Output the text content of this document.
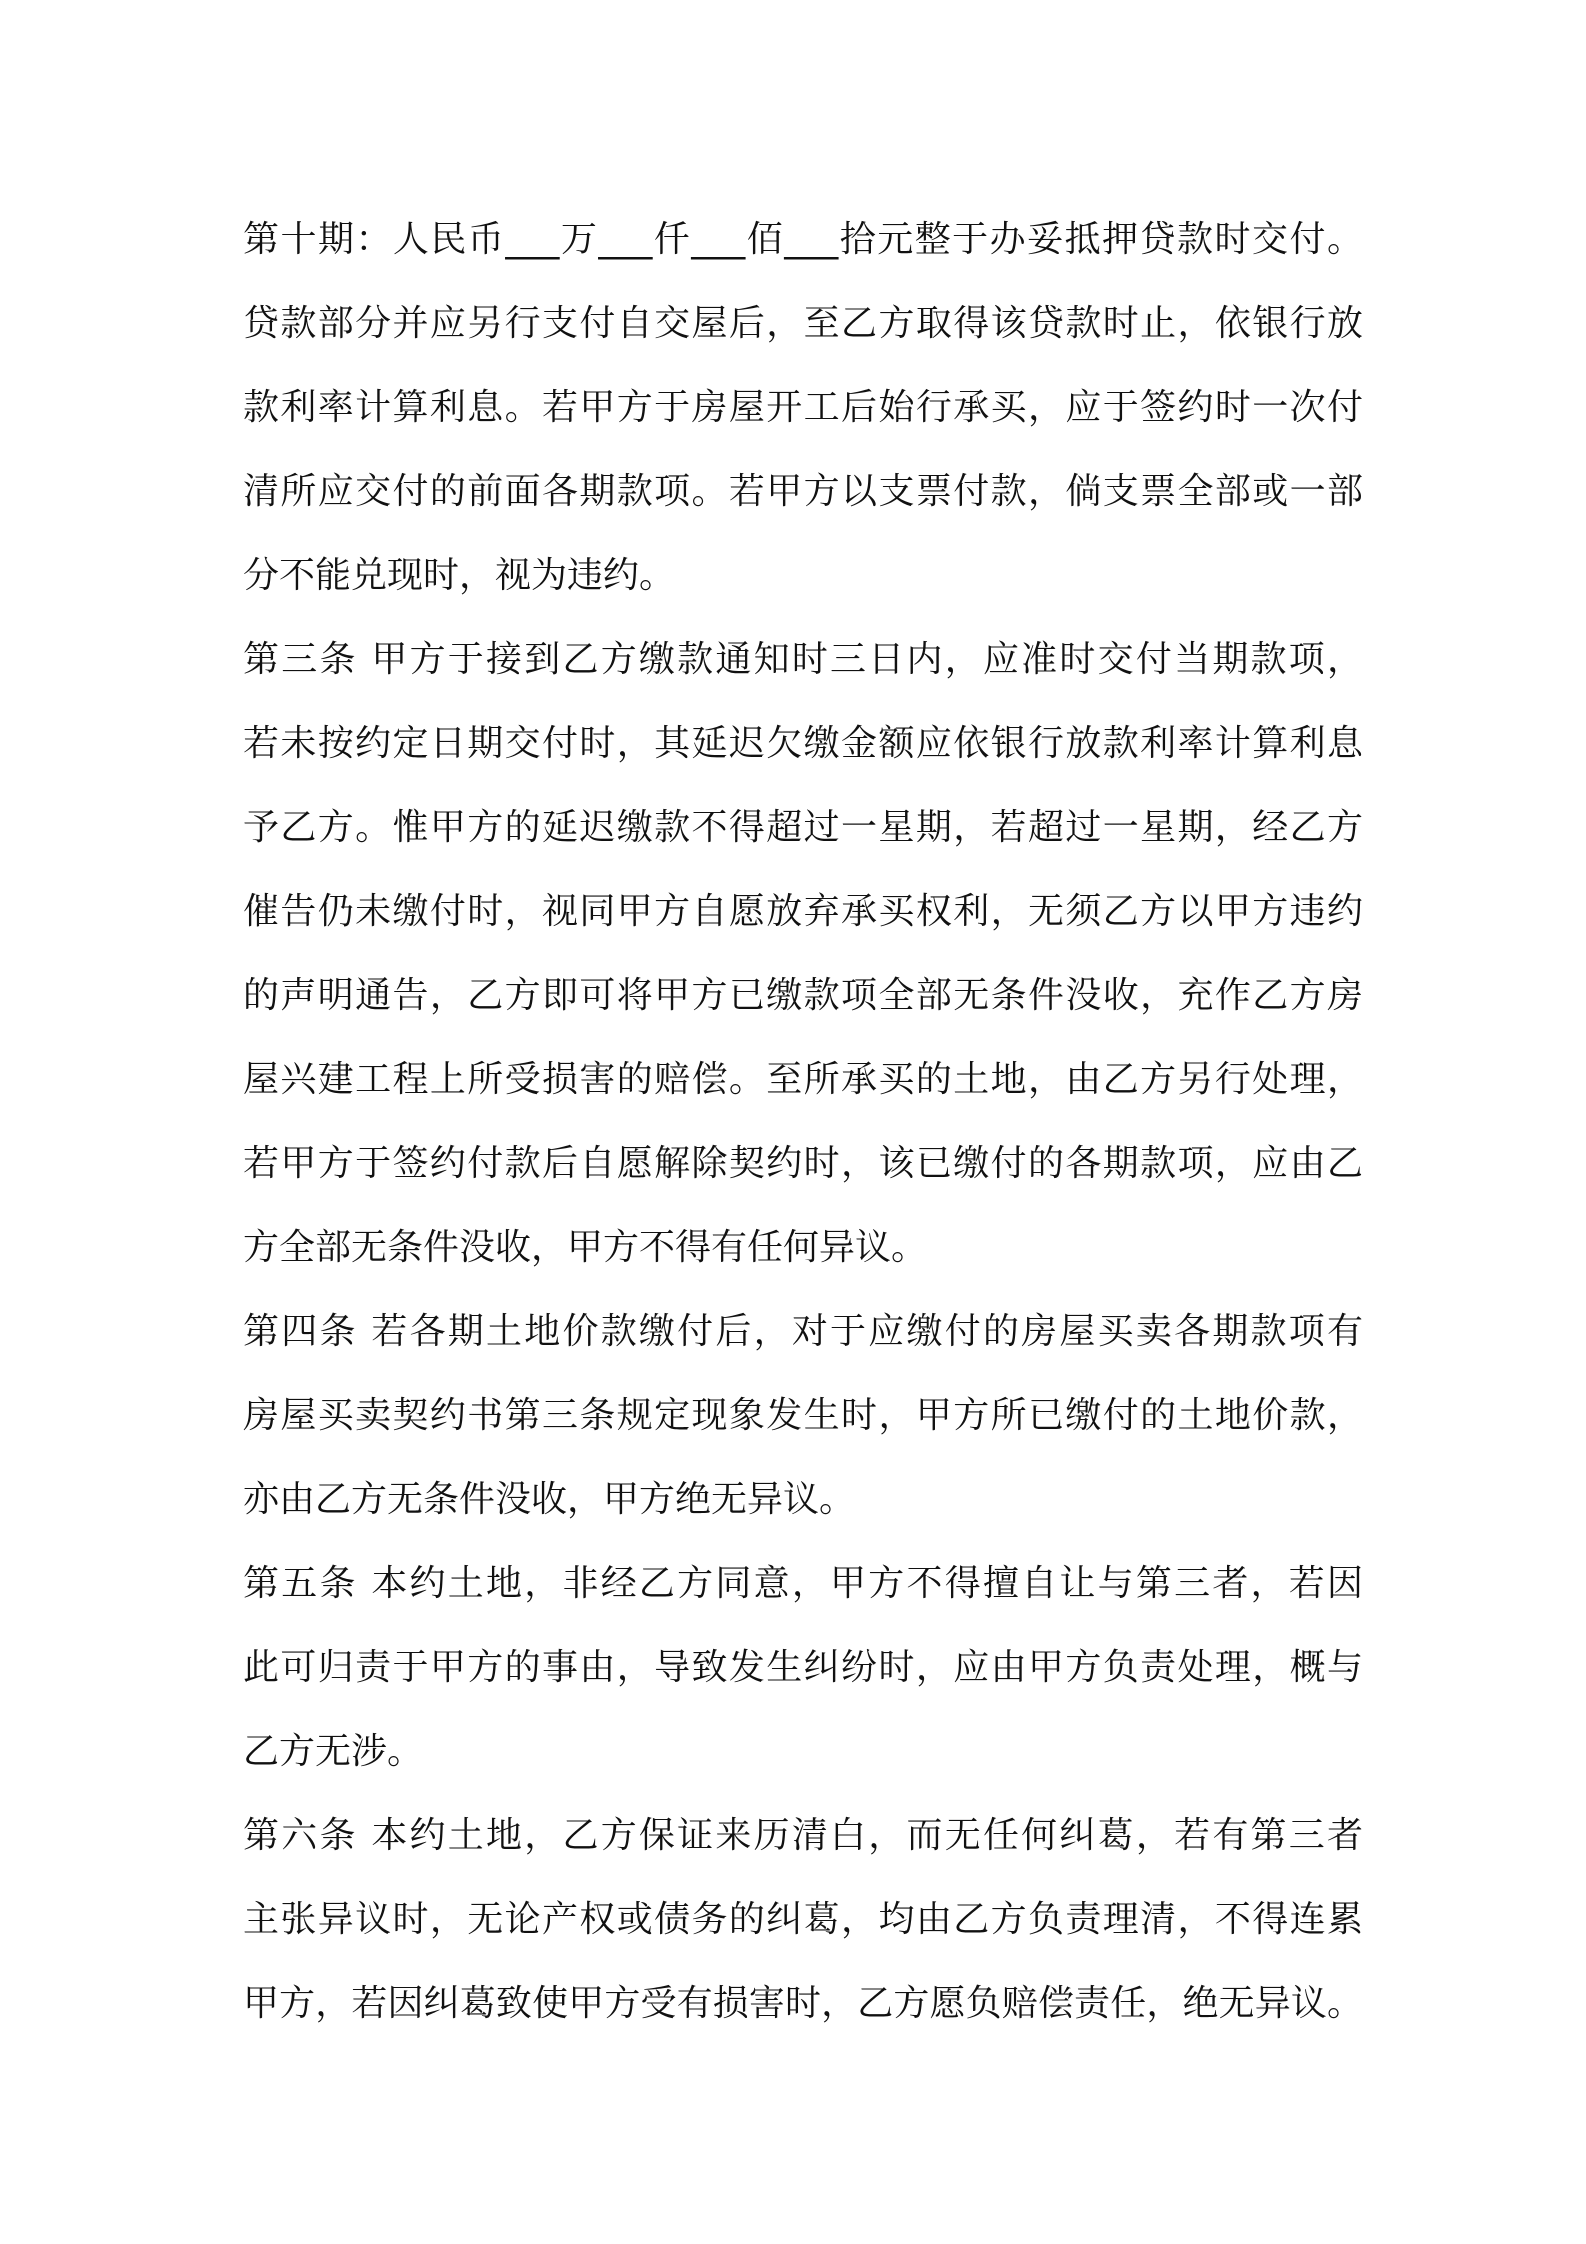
第十期：人民币___万___仟___佰___拾元整于办妥抵押贷款时交付。
贷款部分并应另行支付自交屋后，至乙方取得该贷款时止，依银行放
款利率计算利息。若甲方于房屋开工后始行承买，应于签约时一次付
清所应交付的前面各期款项。若甲方以支票付款，倘支票全部或一部
分不能兑现时，视为违约。
第三条 甲方于接到乙方缴款通知时三日内，应准时交付当期款项，
若未按约定日期交付时，其延迟欠缴金额应依银行放款利率计算利息
予乙方。惟甲方的延迟缴款不得超过一星期，若超过一星期，经乙方
催告仍未缴付时，视同甲方自愿放弃承买权利，无须乙方以甲方违约
的声明通告，乙方即可将甲方已缴款项全部无条件没收，充作乙方房
屋兴建工程上所受损害的赔偿。至所承买的土地，由乙方另行处理，
若甲方于签约付款后自愿解除契约时，该已缴付的各期款项，应由乙
方全部无条件没收，甲方不得有任何异议。
第四条 若各期土地价款缴付后，对于应缴付的房屋买卖各期款项有
房屋买卖契约书第三条规定现象发生时，甲方所已缴付的土地价款，
亦由乙方无条件没收，甲方绝无异议。
第五条 本约土地，非经乙方同意，甲方不得擅自让与第三者，若因
此可归责于甲方的事由，导致发生纠纷时，应由甲方负责处理，概与
乙方无涉。
第六条 本约土地，乙方保证来历清白，而无任何纠葛，若有第三者
主张异议时，无论产权或债务的纠葛，均由乙方负责理清，不得连累
甲方，若因纠葛致使甲方受有损害时，乙方愿负赔偿责任，绝无异议。
